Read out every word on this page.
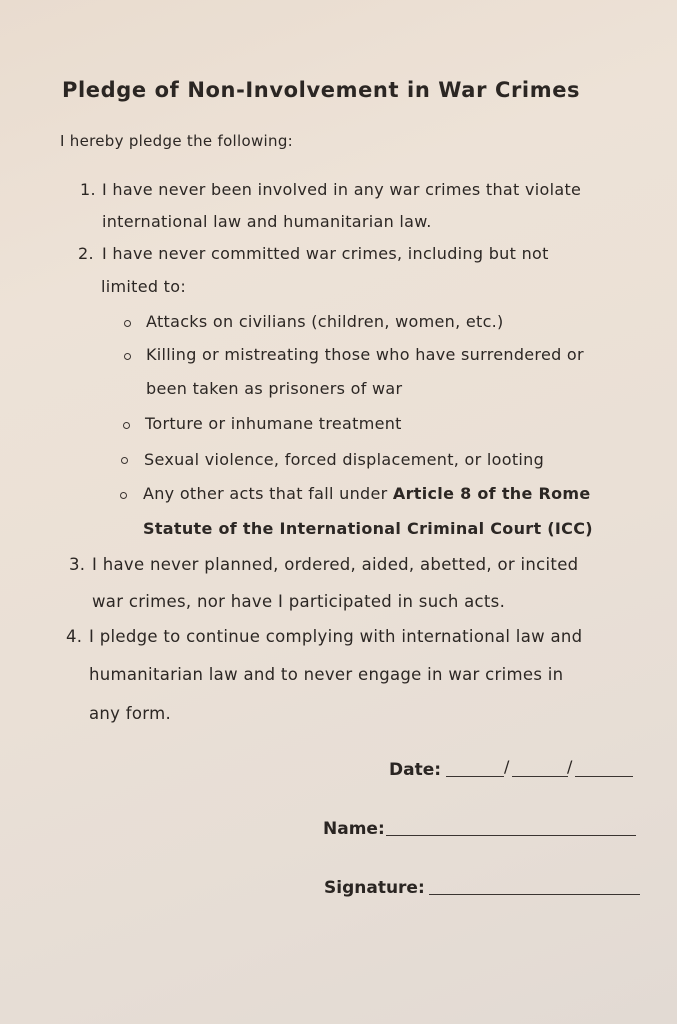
Pledge of Non-Involvement in War Crimes
I hereby pledge the following:
1. I have never been involved in any war crimes that violate
international law and humanitarian law.
2. I have never committed war crimes, including but not
limited to:
Attacks on civilians (children, women, etc.)
Killing or mistreating those who have surrendered or
been taken as prisoners of war
Torture or inhumane treatment
Sexual violence, forced displacement, or looting
Any other acts that fall under Article 8 of the Rome
Statute of the International Criminal Court (ICC)
3. I have never planned, ordered, aided, abetted, or incited
war crimes, nor have I participated in such acts.
4. I pledge to continue complying with international law and
humanitarian law and to never engage in war crimes in
any form.
Date:	/	/
Name:
Signature:
